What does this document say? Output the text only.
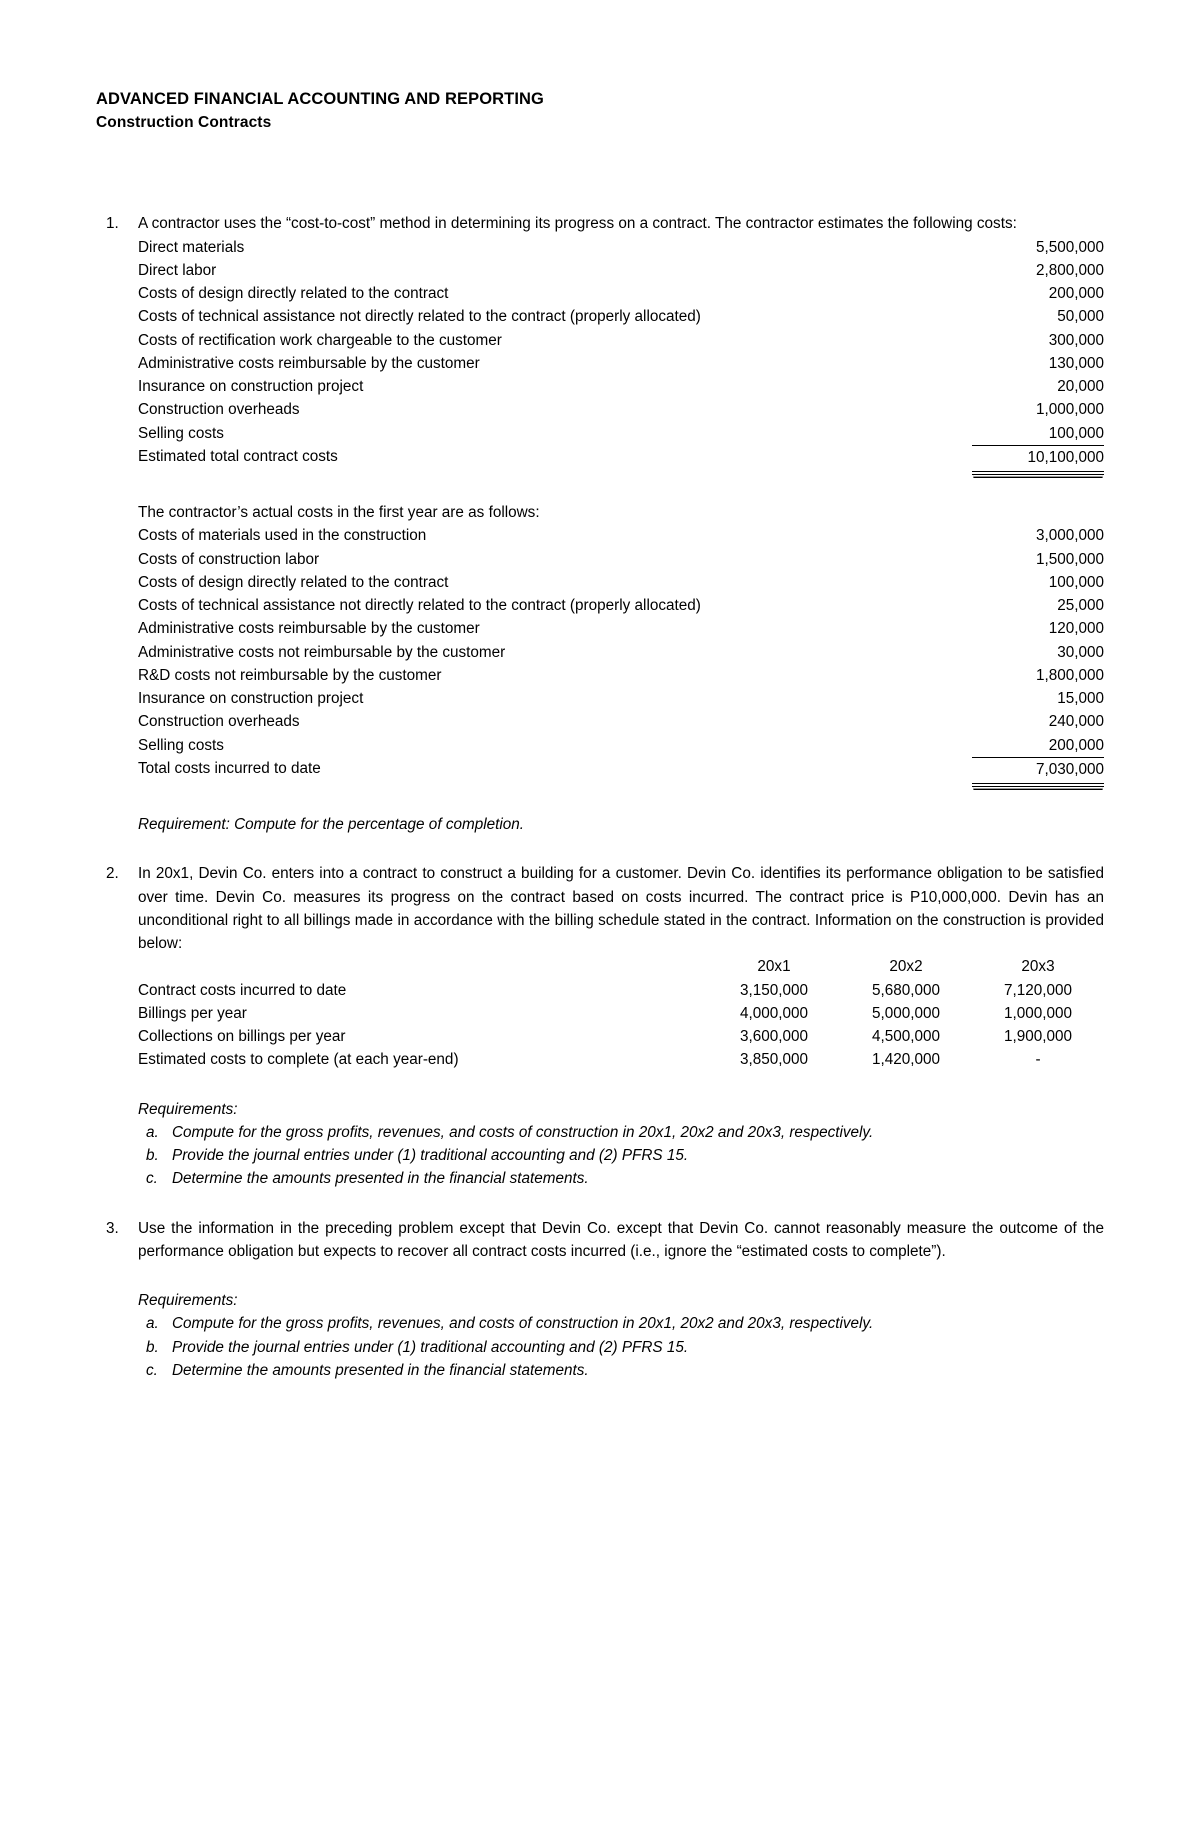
ADVANCED FINANCIAL ACCOUNTING AND REPORTING
Construction Contracts
1.	A contractor uses the “cost-to-cost” method in determining its progress on a contract. The contractor estimates the following costs:
Direct materials	5,500,000
Direct labor	2,800,000
Costs of design directly related to the contract	200,000
Costs of technical assistance not directly related to the contract (properly allocated)	50,000
Costs of rectification work chargeable to the customer	300,000
Administrative costs reimbursable by the customer	130,000
Insurance on construction project	20,000
Construction overheads	1,000,000
Selling costs	100,000
Estimated total contract costs	10,100,000
The contractor’s actual costs in the first year are as follows:
Costs of materials used in the construction	3,000,000
Costs of construction labor	1,500,000
Costs of design directly related to the contract	100,000
Costs of technical assistance not directly related to the contract (properly allocated)	25,000
Administrative costs reimbursable by the customer	120,000
Administrative costs not reimbursable by the customer	30,000
R&D costs not reimbursable by the customer	1,800,000
Insurance on construction project	15,000
Construction overheads	240,000
Selling costs	200,000
Total costs incurred to date	7,030,000
Requirement: Compute for the percentage of completion.
2.	In 20x1, Devin Co. enters into a contract to construct a building for a customer. Devin Co. identifies its performance obligation to be satisfied over time. Devin Co. measures its progress on the contract based on costs incurred. The contract price is P10,000,000. Devin has an unconditional right to all billings made in accordance with the billing schedule stated in the contract. Information on the construction is provided below:
	20x1	20x2	20x3
Contract costs incurred to date	3,150,000	5,680,000	7,120,000
Billings per year	4,000,000	5,000,000	1,000,000
Collections on billings per year	3,600,000	4,500,000	1,900,000
Estimated costs to complete (at each year-end)	3,850,000	1,420,000	-
Requirements:
a. Compute for the gross profits, revenues, and costs of construction in 20x1, 20x2 and 20x3, respectively.
b. Provide the journal entries under (1) traditional accounting and (2) PFRS 15.
c. Determine the amounts presented in the financial statements.
3.	Use the information in the preceding problem except that Devin Co. except that Devin Co. cannot reasonably measure the outcome of the performance obligation but expects to recover all contract costs incurred (i.e., ignore the “estimated costs to complete”).
Requirements:
a. Compute for the gross profits, revenues, and costs of construction in 20x1, 20x2 and 20x3, respectively.
b. Provide the journal entries under (1) traditional accounting and (2) PFRS 15.
c. Determine the amounts presented in the financial statements.
